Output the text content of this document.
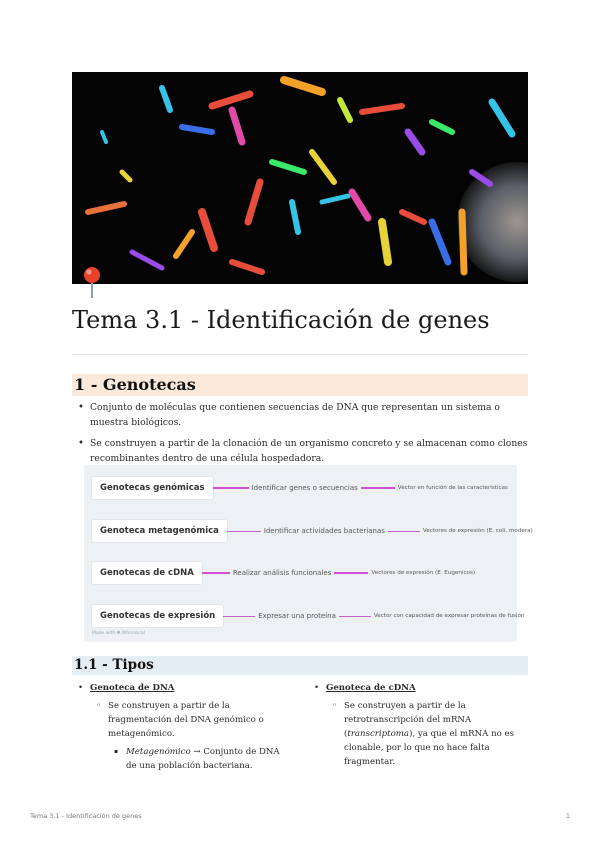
Tema 3.1 - Identificación de genes
1 - Genotecas
• Conjunto de moléculas que contienen secuencias de DNA que representan un sistema o muestra biológicos.
• Se construyen a partir de la clonación de un organismo concreto y se almacenan como clones recombinantes dentro de una célula hospedadora.
Genotecas genómicas	Identificar genes o secuencias	Vector en función de las características
Genoteca metagenómica	Identificar actividades bacterianas	Vectores de expresión (E. coli, modera)
Genotecas de cDNA	Realizar análisis funcionales	Vectores de expresión (E. Eugenicos)
Genotecas de expresión	Expresar una proteína	Vector con capacidad de expresar proteínas de fusión
Made with ✱ Whimsical
1.1 - Tipos
• Genoteca de DNA
◦ Se construyen a partir de la fragmentación del DNA genómico o metagenómico.
▪ Metagenómico → Conjunto de DNA de una población bacteriana.
• Genoteca de cDNA
◦ Se construyen a partir de la retrotranscripción del mRNA (transcriptoma), ya que el mRNA no es clonable, por lo que no hace falta fragmentar.
Tema 3.1 - Identificación de genes	1
